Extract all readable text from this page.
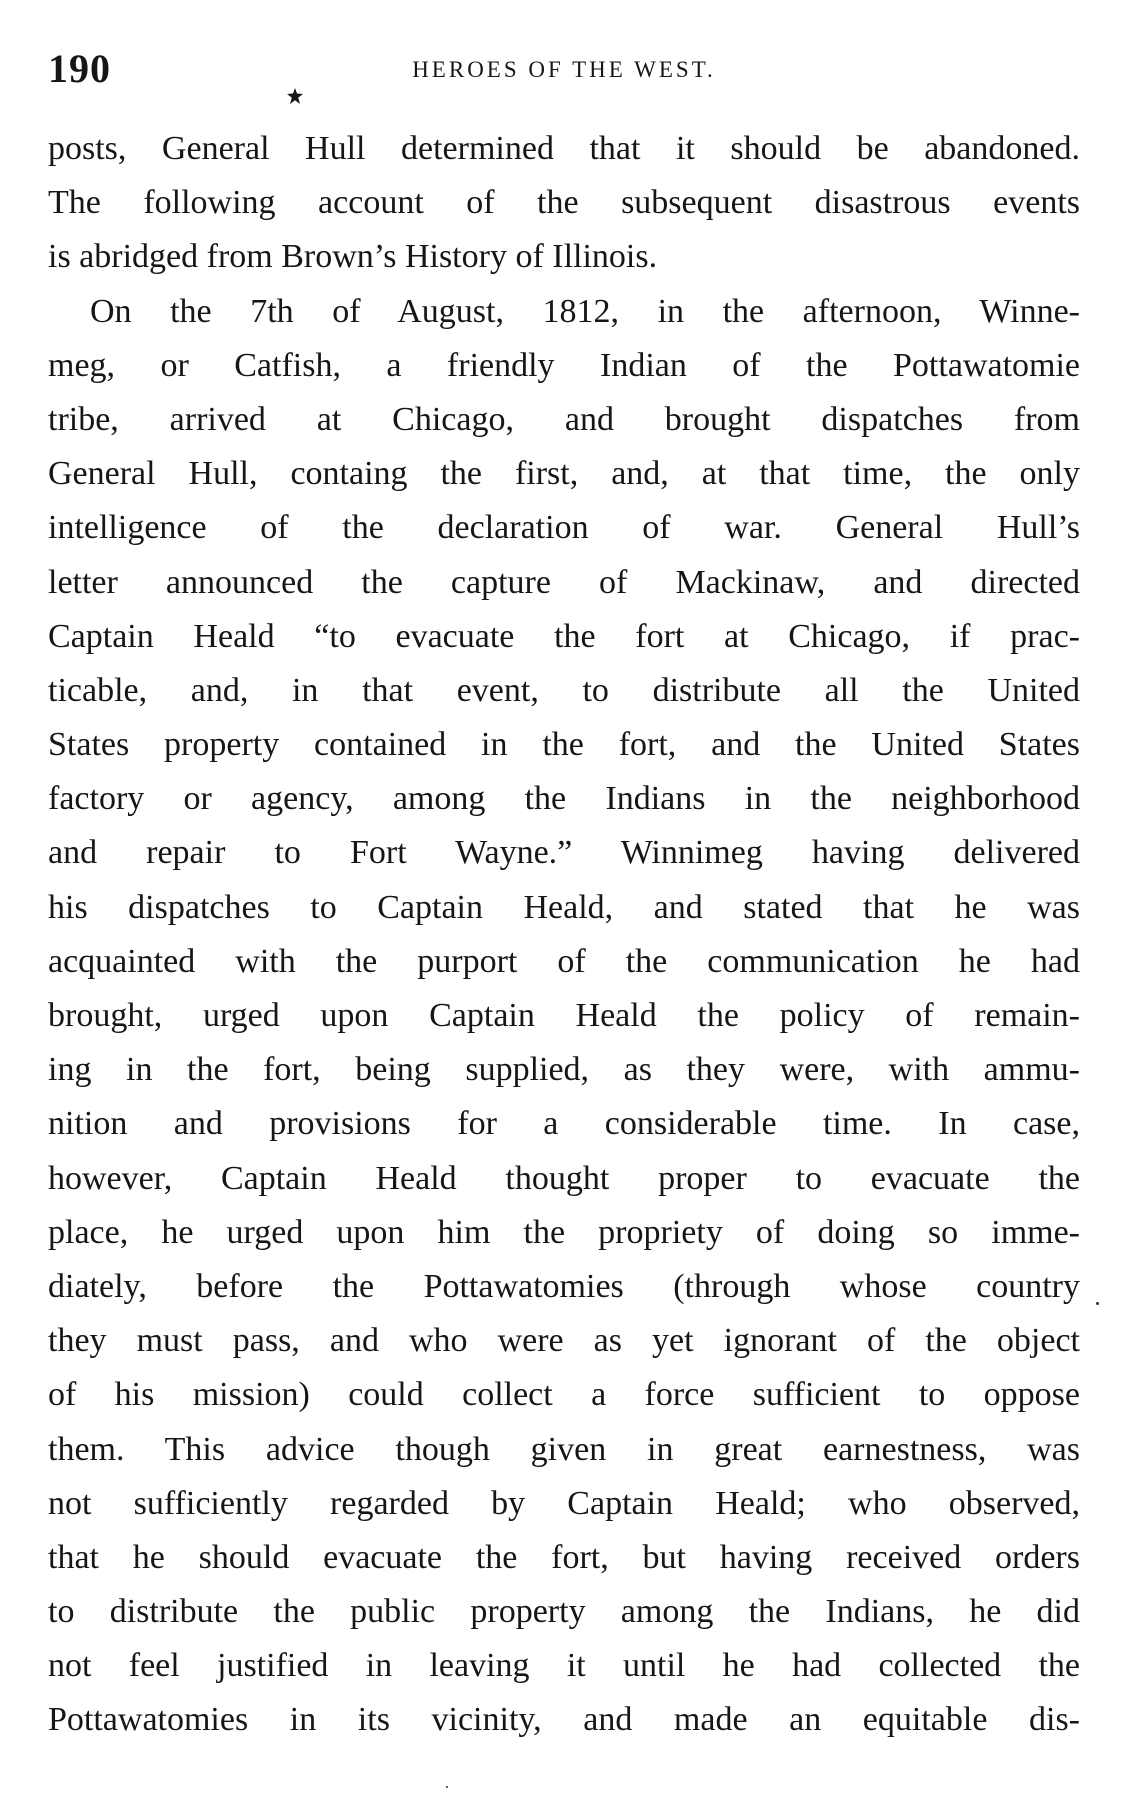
190	HEROES OF THE WEST.
posts, General Hull determined that it should be abandoned.
The following account of the subsequent disastrous events
is abridged from Brown’s History of Illinois.
On the 7th of August, 1812, in the afternoon, Winne-
meg, or Catfish, a friendly Indian of the Pottawatomie
tribe, arrived at Chicago, and brought dispatches from
General Hull, containg the first, and, at that time, the only
intelligence of the declaration of war. General Hull’s
letter announced the capture of Mackinaw, and directed
Captain Heald “to evacuate the fort at Chicago, if prac-
ticable, and, in that event, to distribute all the United
States property contained in the fort, and the United States
factory or agency, among the Indians in the neighborhood
and repair to Fort Wayne.” Winnimeg having delivered
his dispatches to Captain Heald, and stated that he was
acquainted with the purport of the communication he had
brought, urged upon Captain Heald the policy of remain-
ing in the fort, being supplied, as they were, with ammu-
nition and provisions for a considerable time. In case,
however, Captain Heald thought proper to evacuate the
place, he urged upon him the propriety of doing so imme-
diately, before the Pottawatomies (through whose country
they must pass, and who were as yet ignorant of the object
of his mission) could collect a force sufficient to oppose
them. This advice though given in great earnestness, was
not sufficiently regarded by Captain Heald; who observed,
that he should evacuate the fort, but having received orders
to distribute the public property among the Indians, he did
not feel justified in leaving it until he had collected the
Pottawatomies in its vicinity, and made an equitable dis-
